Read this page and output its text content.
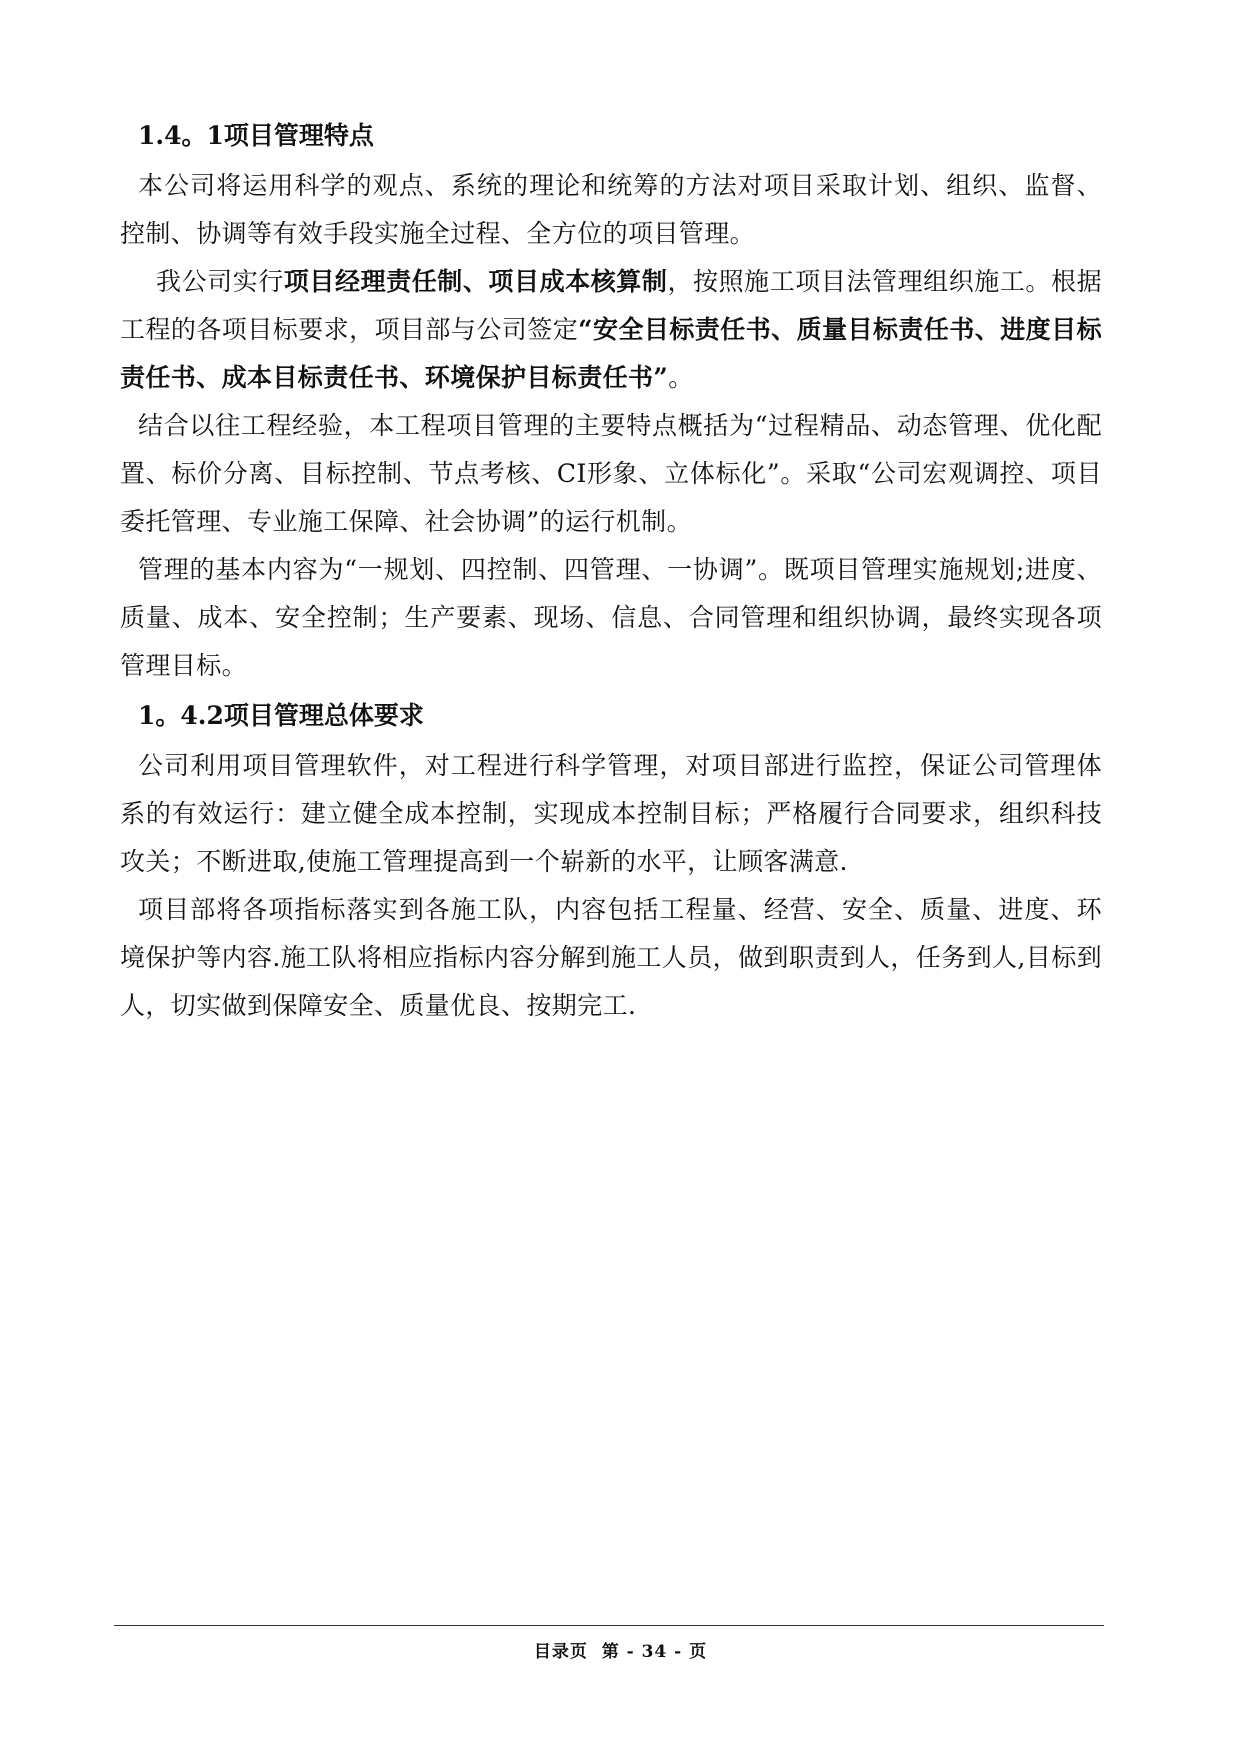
1.4。1项目管理特点

本公司将运用科学的观点、系统的理论和统筹的方法对项目采取计划、组织、监督、控制、协调等有效手段实施全过程、全方位的项目管理。

我公司实行项目经理责任制、项目成本核算制，按照施工项目法管理组织施工。根据工程的各项目标要求，项目部与公司签定“安全目标责任书、质量目标责任书、进度目标责任书、成本目标责任书、环境保护目标责任书”。

结合以往工程经验，本工程项目管理的主要特点概括为“过程精品、动态管理、优化配置、标价分离、目标控制、节点考核、CI形象、立体标化”。采取“公司宏观调控、项目委托管理、专业施工保障、社会协调”的运行机制。

管理的基本内容为“一规划、四控制、四管理、一协调”。既项目管理实施规划;进度、质量、成本、安全控制；生产要素、现场、信息、合同管理和组织协调，最终实现各项管理目标。

1。4.2项目管理总体要求

公司利用项目管理软件，对工程进行科学管理，对项目部进行监控，保证公司管理体系的有效运行：建立健全成本控制，实现成本控制目标；严格履行合同要求，组织科技攻关；不断进取,使施工管理提高到一个崭新的水平，让顾客满意.

项目部将各项指标落实到各施工队，内容包括工程量、经营、安全、质量、进度、环境保护等内容.施工队将相应指标内容分解到施工人员，做到职责到人，任务到人,目标到人，切实做到保障安全、质量优良、按期完工.

目录页  第 - 34 - 页
